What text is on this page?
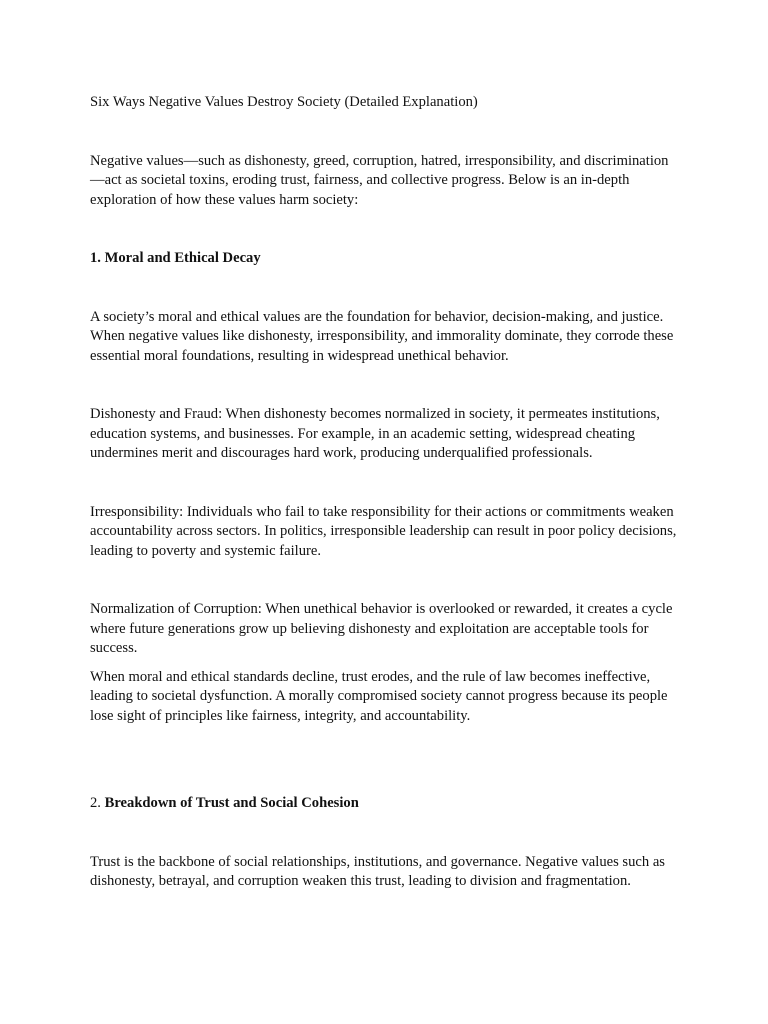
Six Ways Negative Values Destroy Society (Detailed Explanation)

Negative values—such as dishonesty, greed, corruption, hatred, irresponsibility, and discrimination—act as societal toxins, eroding trust, fairness, and collective progress. Below is an in-depth exploration of how these values harm society:

1. Moral and Ethical Decay

A society’s moral and ethical values are the foundation for behavior, decision-making, and justice. When negative values like dishonesty, irresponsibility, and immorality dominate, they corrode these essential moral foundations, resulting in widespread unethical behavior.

Dishonesty and Fraud: When dishonesty becomes normalized in society, it permeates institutions, education systems, and businesses. For example, in an academic setting, widespread cheating undermines merit and discourages hard work, producing underqualified professionals.

Irresponsibility: Individuals who fail to take responsibility for their actions or commitments weaken accountability across sectors. In politics, irresponsible leadership can result in poor policy decisions, leading to poverty and systemic failure.

Normalization of Corruption: When unethical behavior is overlooked or rewarded, it creates a cycle where future generations grow up believing dishonesty and exploitation are acceptable tools for success.

When moral and ethical standards decline, trust erodes, and the rule of law becomes ineffective, leading to societal dysfunction. A morally compromised society cannot progress because its people lose sight of principles like fairness, integrity, and accountability.

2. Breakdown of Trust and Social Cohesion

Trust is the backbone of social relationships, institutions, and governance. Negative values such as dishonesty, betrayal, and corruption weaken this trust, leading to division and fragmentation.
